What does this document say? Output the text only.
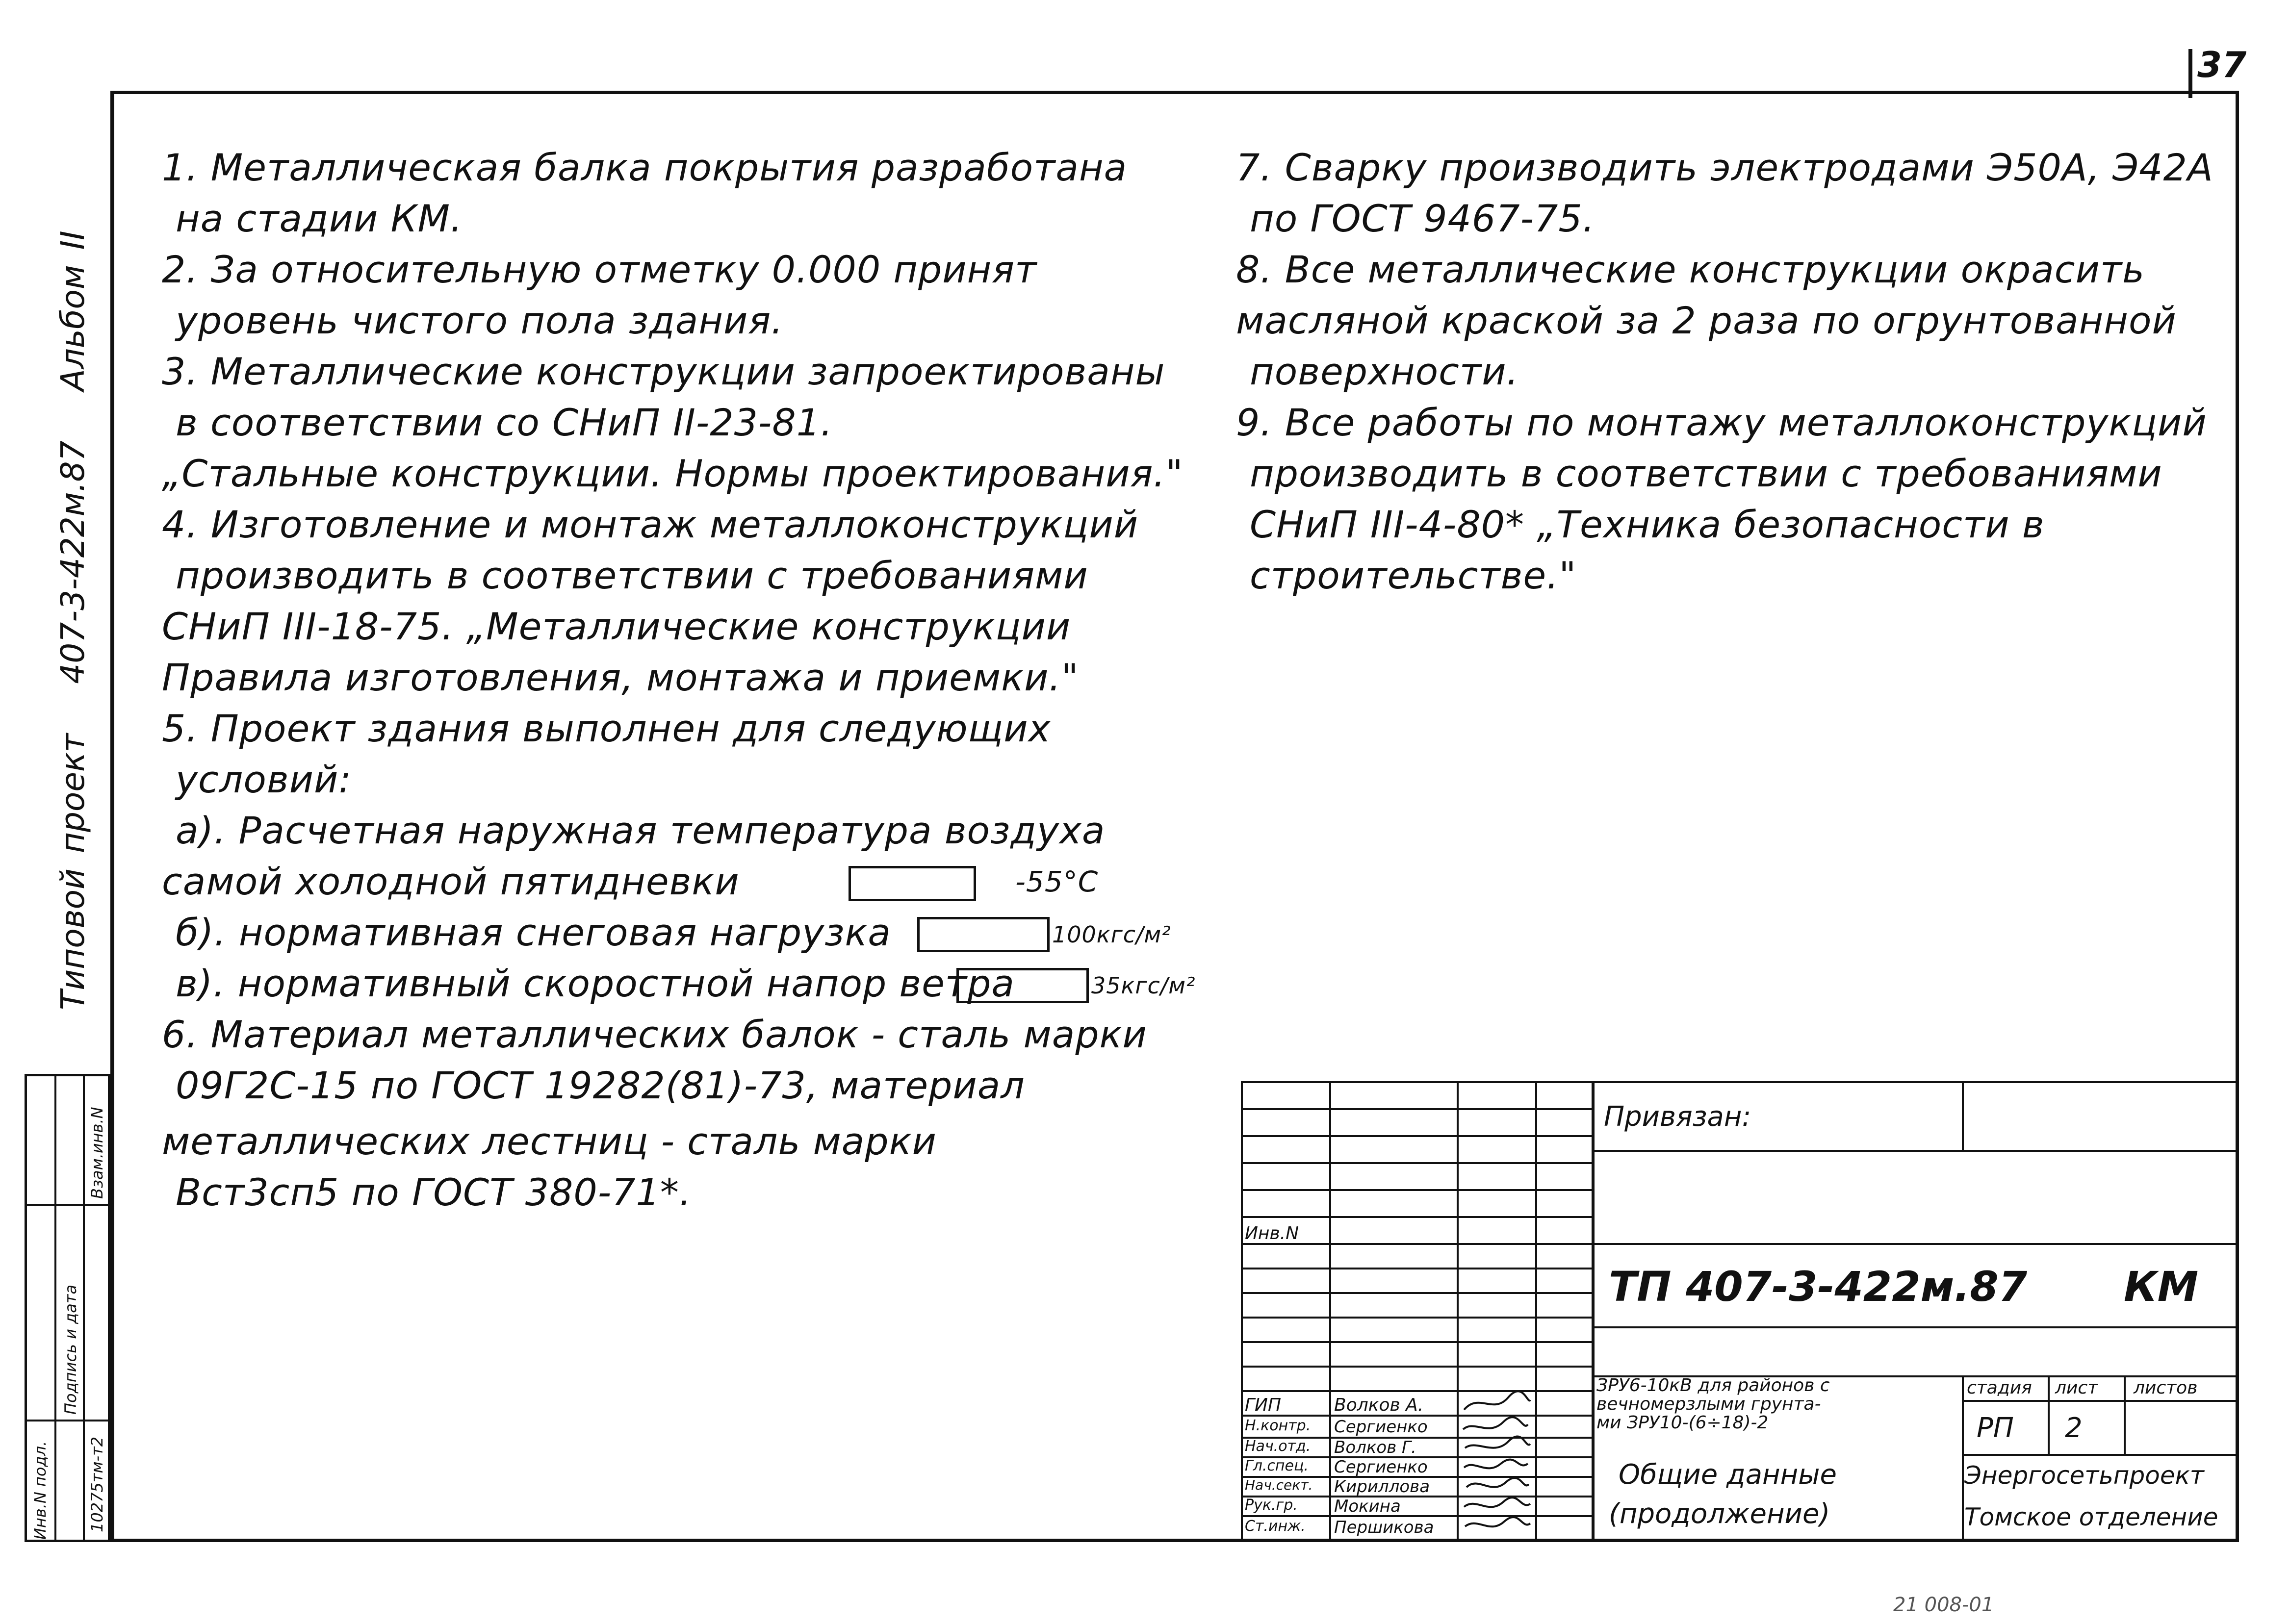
37
Типовой проект 407-3-422м.87 Альбом II
Инв.N подл. 10275тм-т2
Подпись и дата
Взам.инв.N
1. Металлическая балка покрытия разработана
на стадии КМ.
2. За относительную отметку 0.000 принят
уровень чистого пола здания.
3. Металлические конструкции запроектированы
в соответствии со СНиП II-23-81.
„Стальные конструкции. Нормы проектирования."
4. Изготовление и монтаж металлоконструкций
производить в соответствии с требованиями
СНиП III-18-75. „Металлические конструкции
Правила изготовления, монтажа и приемки."
5. Проект здания выполнен для следующих
условий:
а). Расчетная наружная температура воздуха
самой холодной пятидневки	-55°С
б). нормативная снеговая нагрузка	100кгс/м²
в). нормативный скоростной напор ветра	35кгс/м²
6. Материал металлических балок - сталь марки
09Г2С-15 по ГОСТ 19282(81)-73, материал
металлических лестниц - сталь марки
Вст3сп5 по ГОСТ 380-71*.
7. Сварку производить электродами Э50А, Э42А
по ГОСТ 9467-75.
8. Все металлические конструкции окрасить
масляной краской за 2 раза по огрунтованной
поверхности.
9. Все работы по монтажу металлоконструкций
производить в соответствии с требованиями
СНиП III-4-80* „Техника безопасности в
строительстве."
Привязан:
Инв.N
ТП 407-3-422м.87 КМ
ЗРУ6-10кВ для районов с
вечномерзлыми грунта-
ми ЗРУ10-(6÷18)-2
Общие данные
(продолжение)
стадия лист листов
РП 2
Энергосетьпроект
Томское отделение
ГИП	Волков А.
Н.контр. Сергиенко
Нач.отд. Волков Г.
Гл.спец. Сергиенко
Нач.сект. Кириллова
Рук.гр. Мокина
Ст.инж. Першикова
21 008-01
